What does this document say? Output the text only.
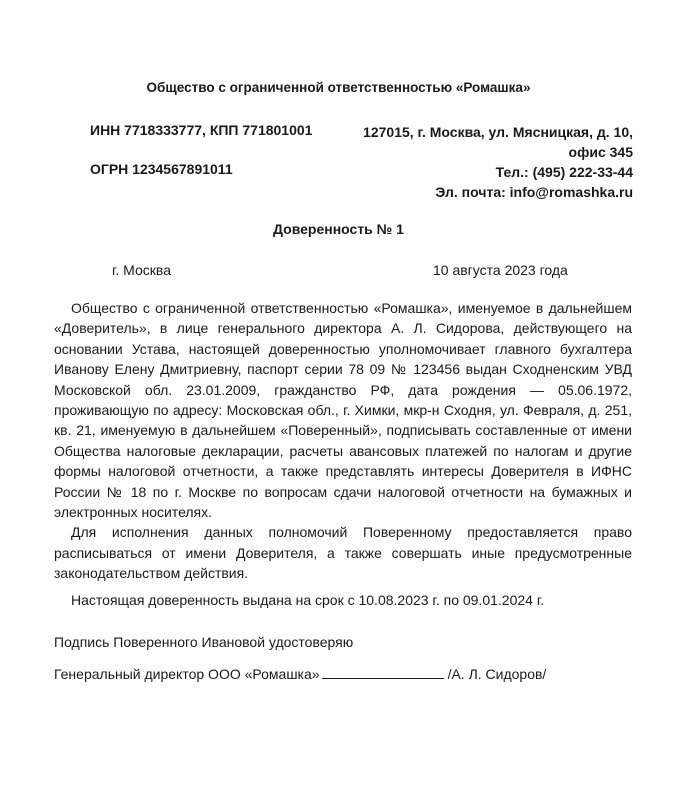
Общество с ограниченной ответственностью «Ромашка»
ИНН 7718333777, КПП 771801001
ОГРН 1234567891011
127015, г. Москва, ул. Мясницкая, д. 10,
офис 345
Тел.: (495) 222-33-44
Эл. почта: info@romashka.ru
Доверенность № 1
г. Москва	10 августа 2023 года

Общество с ограниченной ответственностью «Ромашка», именуемое в дальнейшем «Доверитель», в лице генерального директора А. Л. Сидорова, действующего на основании Устава, настоящей доверенностью уполномочивает главного бухгалтера Иванову Елену Дмитриевну, паспорт серии 78 09 № 123456 выдан Сходненским УВД Московской обл. 23.01.2009, гражданство РФ, дата рождения — 05.06.1972, проживающую по адресу: Московская обл., г. Химки, мкр-н Сходня, ул. Февраля, д. 251, кв. 21, именуемую в дальнейшем «Поверенный», подписывать составленные от имени Общества налоговые декларации, расчеты авансовых платежей по налогам и другие формы налоговой отчетности, а также представлять интересы Доверителя в ИФНС России № 18 по г. Москве по вопросам сдачи налоговой отчетности на бумажных и электронных носителях.

Для исполнения данных полномочий Поверенному предоставляется право расписываться от имени Доверителя, а также совершать иные предусмотренные законодательством действия.

Настоящая доверенность выдана на срок с 10.08.2023 г. по 09.01.2024 г.

Подпись Поверенного Ивановой удостоверяю
Генеральный директор ООО «Ромашка»	/А. Л. Сидоров/
